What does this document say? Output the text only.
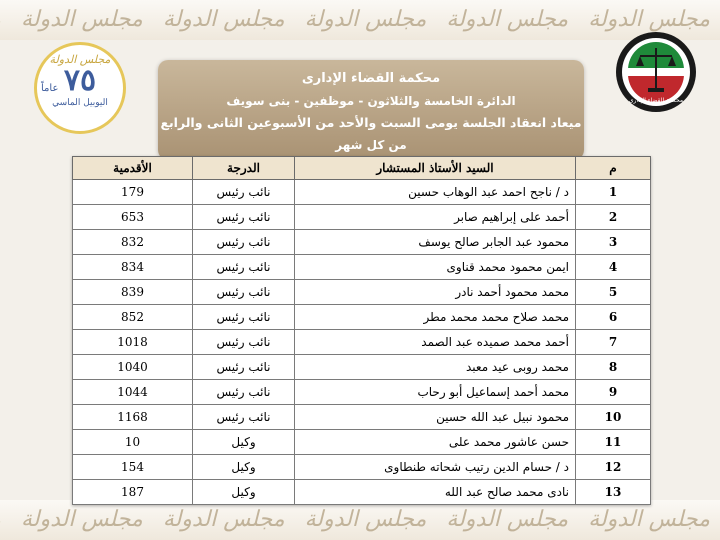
مجلس الدولةمجلس الدولةمجلس الدولةمجلس الدولةمجلس الدولة
مجلس الدولةمجلس الدولةمجلس الدولةمجلس الدولةمجلس الدولة
مجلس الدولة
٧٥
عاماً
اليوبيل الماسي
محكمة القضاء الإدارى
الدائرة الخامسة والثلاثون - موظفين - بنى سويف
ميعاد انعقاد الجلسة يومى السبت والأحد من الأسبوعين الثانى والرابع
من كل شهر
محكمة القضاء الإدارى
م	السيد الأستاذ المستشار	الدرجة	الأقدمية
1	د / ناجح احمد عبد الوهاب حسين	نائب رئيس	179
2	أحمد على إبراهيم صابر	نائب رئيس	653
3	محمود عبد الجابر صالح يوسف	نائب رئيس	832
4	ايمن محمود محمد قناوى	نائب رئيس	834
5	محمد محمود أحمد نادر	نائب رئيس	839
6	محمد صلاح محمد محمد مطر	نائب رئيس	852
7	أحمد محمد صميده عبد الصمد	نائب رئيس	1018
8	محمد روبى عيد معبد	نائب رئيس	1040
9	محمد أحمد إسماعيل أبو رحاب	نائب رئيس	1044
10	محمود نبيل عبد الله حسين	نائب رئيس	1168
11	حسن عاشور محمد على	وكيل	10
12	د / حسام الدين رتيب شحاته طنطاوى	وكيل	154
13	نادى محمد صالح عبد الله	وكيل	187
